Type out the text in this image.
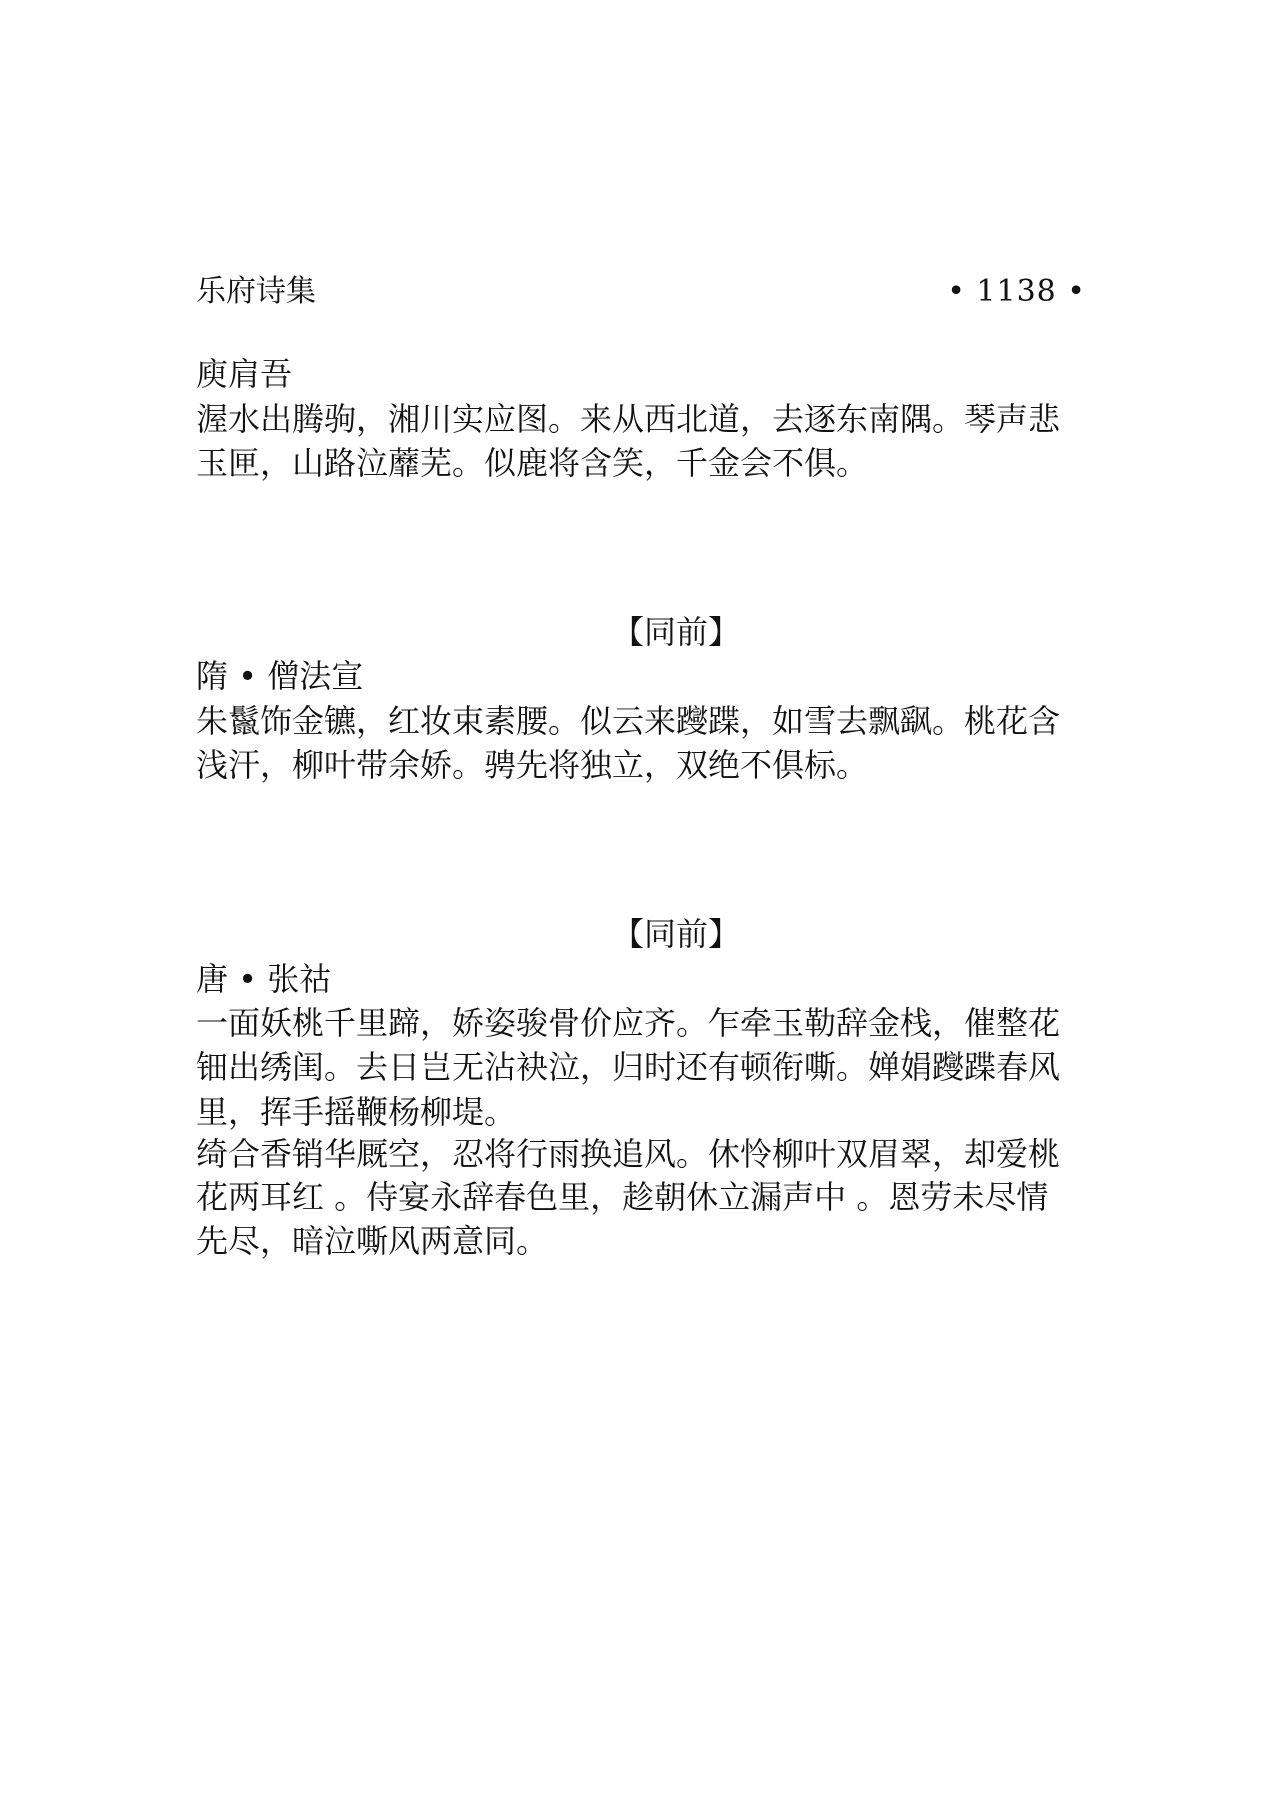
乐府诗集	• 1138 •
庾肩吾
渥水出腾驹，湘川实应图。来从西北道，去逐东南隅。琴声悲
玉匣，山路泣蘼芜。似鹿将含笑，千金会不俱。
【同前】
隋 • 僧法宣
朱鬣饰金镳，红妆束素腰。似云来躞蹀，如雪去飘飖。桃花含
浅汗，柳叶带余娇。骋先将独立，双绝不俱标。
【同前】
唐 • 张祜
一面妖桃千里蹄，娇姿骏骨价应齐。乍牵玉勒辞金栈，催整花
钿出绣闺。去日岂无沾袂泣，归时还有顿衔嘶。婵娟躞蹀春风
里，挥手摇鞭杨柳堤。
绮合香销华厩空，忍将行雨换追风。休怜柳叶双眉翠，却爱桃
花两耳红 。侍宴永辞春色里，趁朝休立漏声中 。恩劳未尽情
先尽，暗泣嘶风两意同。
